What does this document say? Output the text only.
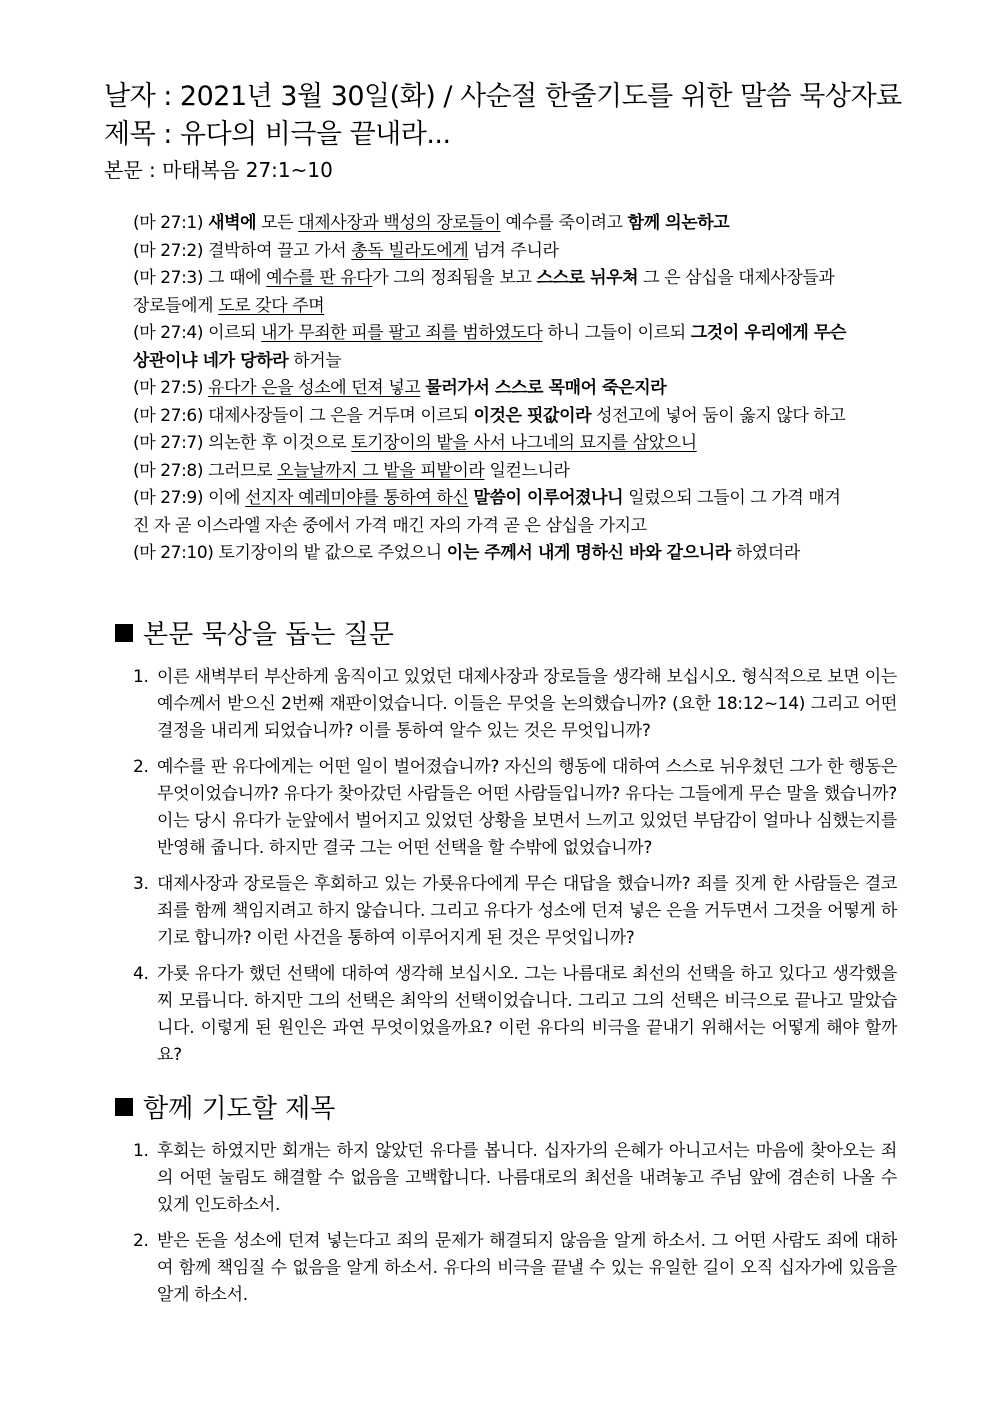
날자 : 2021년 3월 30일(화) / 사순절 한줄기도를 위한 말씀 묵상자료
제목 : 유다의 비극을 끝내라...
본문 : 마태복음 27:1~10
(마 27:1) 새벽에 모든 대제사장과 백성의 장로들이 예수를 죽이려고 함께 의논하고
(마 27:2) 결박하여 끌고 가서 총독 빌라도에게 넘겨 주니라
(마 27:3) 그 때에 예수를 판 유다가 그의 정죄됨을 보고 스스로 뉘우쳐 그 은 삼십을 대제사장들과
장로들에게 도로 갖다 주며
(마 27:4) 이르되 내가 무죄한 피를 팔고 죄를 범하였도다 하니 그들이 이르되 그것이 우리에게 무슨
상관이냐 네가 당하라 하거늘
(마 27:5) 유다가 은을 성소에 던져 넣고 물러가서 스스로 목매어 죽은지라
(마 27:6) 대제사장들이 그 은을 거두며 이르되 이것은 핏값이라 성전고에 넣어 둠이 옳지 않다 하고
(마 27:7) 의논한 후 이것으로 토기장이의 밭을 사서 나그네의 묘지를 삼았으니
(마 27:8) 그러므로 오늘날까지 그 밭을 피밭이라 일컫느니라
(마 27:9) 이에 선지자 예레미야를 통하여 하신 말씀이 이루어졌나니 일렀으되 그들이 그 가격 매겨
진 자 곧 이스라엘 자손 중에서 가격 매긴 자의 가격 곧 은 삼십을 가지고
(마 27:10) 토기장이의 밭 값으로 주었으니 이는 주께서 내게 명하신 바와 같으니라 하였더라
본문 묵상을 돕는 질문
1. 이른 새벽부터 부산하게 움직이고 있었던 대제사장과 장로들을 생각해 보십시오. 형식적으로 보면 이는 예수께서 받으신 2번째 재판이었습니다. 이들은 무엇을 논의했습니까? (요한 18:12~14) 그리고 어떤 결정을 내리게 되었습니까? 이를 통하여 알수 있는 것은 무엇입니까?
2. 예수를 판 유다에게는 어떤 일이 벌어졌습니까? 자신의 행동에 대하여 스스로 뉘우쳤던 그가 한 행동은 무엇이었습니까? 유다가 찾아갔던 사람들은 어떤 사람들입니까? 유다는 그들에게 무슨 말을 했습니까? 이는 당시 유다가 눈앞에서 벌어지고 있었던 상황을 보면서 느끼고 있었던 부담감이 얼마나 심했는지를 반영해 줍니다. 하지만 결국 그는 어떤 선택을 할 수밖에 없었습니까?
3. 대제사장과 장로들은 후회하고 있는 가룟유다에게 무슨 대답을 했습니까? 죄를 짓게 한 사람들은 결코 죄를 함께 책임지려고 하지 않습니다. 그리고 유다가 성소에 던져 넣은 은을 거두면서 그것을 어떻게 하기로 합니까? 이런 사건을 통하여 이루어지게 된 것은 무엇입니까?
4. 가룟 유다가 했던 선택에 대하여 생각해 보십시오. 그는 나름대로 최선의 선택을 하고 있다고 생각했을찌 모릅니다. 하지만 그의 선택은 최악의 선택이었습니다. 그리고 그의 선택은 비극으로 끝나고 말았습니다. 이렇게 된 원인은 과연 무엇이었을까요? 이런 유다의 비극을 끝내기 위해서는 어떻게 해야 할까요?
함께 기도할 제목
1. 후회는 하였지만 회개는 하지 않았던 유다를 봅니다. 십자가의 은혜가 아니고서는 마음에 찾아오는 죄의 어떤 눌림도 해결할 수 없음을 고백합니다. 나름대로의 최선을 내려놓고 주님 앞에 겸손히 나올 수 있게 인도하소서.
2. 받은 돈을 성소에 던져 넣는다고 죄의 문제가 해결되지 않음을 알게 하소서. 그 어떤 사람도 죄에 대하여 함께 책임질 수 없음을 알게 하소서. 유다의 비극을 끝낼 수 있는 유일한 길이 오직 십자가에 있음을 알게 하소서.
